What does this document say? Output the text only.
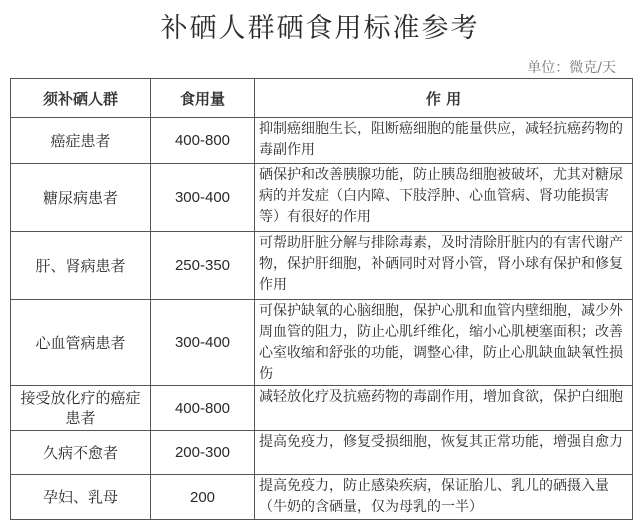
补硒人群硒食用标准参考
单位：微克/天
须补硒人群	食用量	作 用
癌症患者	400-800	抑制癌细胞生长，阻断癌细胞的能量供应，减轻抗癌药物的毒副作用
糖尿病患者	300-400	硒保护和改善胰腺功能，防止胰岛细胞被破坏，尤其对糖尿病的并发症（白内障、下肢浮肿、心血管病、肾功能损害等）有很好的作用
肝、肾病患者	250-350	可帮助肝脏分解与排除毒素，及时清除肝脏内的有害代谢产物，保护肝细胞，补硒同时对肾小管，肾小球有保护和修复作用
心血管病患者	300-400	可保护缺氧的心脑细胞，保护心肌和血管内壁细胞，减少外周血管的阻力，防止心肌纤维化，缩小心肌梗塞面积；改善心室收缩和舒张的功能，调整心律，防止心肌缺血缺氧性损伤
接受放化疗的癌症患者	400-800	减轻放化疗及抗癌药物的毒副作用，增加食欲，保护白细胞
久病不愈者	200-300	提高免疫力，修复受损细胞，恢复其正常功能，增强自愈力
孕妇、乳母	200	提高免疫力，防止感染疾病，保证胎儿、乳儿的硒摄入量（牛奶的含硒量，仅为母乳的一半）
